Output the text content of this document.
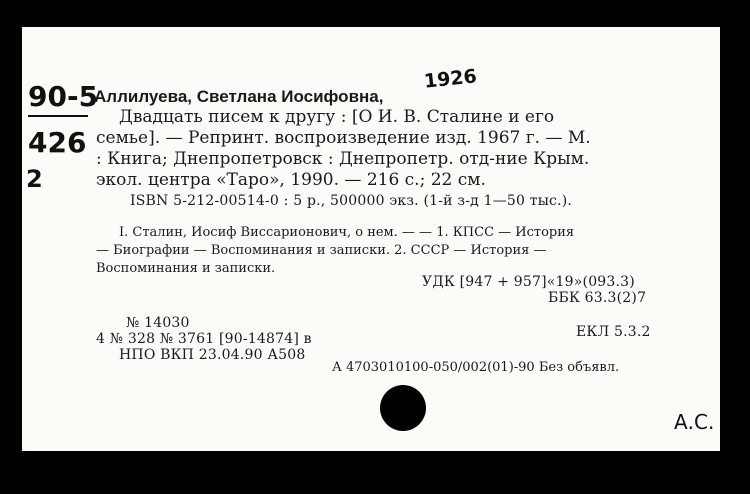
90-5
426
2
1926
Аллилуева, Светлана Иосифовна,
Двадцать писем к другу : [О И. В. Сталине и его
семье]. — Репринт. воспроизведение изд. 1967 г. — М.
: Книга; Днепропетровск : Днепропетр. отд-ние Крым.
экол. центра «Таро», 1990. — 216 с.; 22 см.
ISBN 5-212-00514-0 : 5 р., 500000 экз. (1-й з-д 1—50 тыс.).
I. Сталин, Иосиф Виссарионович, о нем. — — 1. КПСС — История
— Биографии — Воспоминания и записки. 2. СССР — История —
Воспоминания и записки.
УДК [947 + 957]«19»(093.3)
ББК 63.3(2)7
№ 14030
ЕКЛ 5.3.2
4 № 328 № 3761 [90-14874] в
НПО ВКП 23.04.90 А508
А 4703010100-050/002(01)-90 Без объявл.
А.С.
